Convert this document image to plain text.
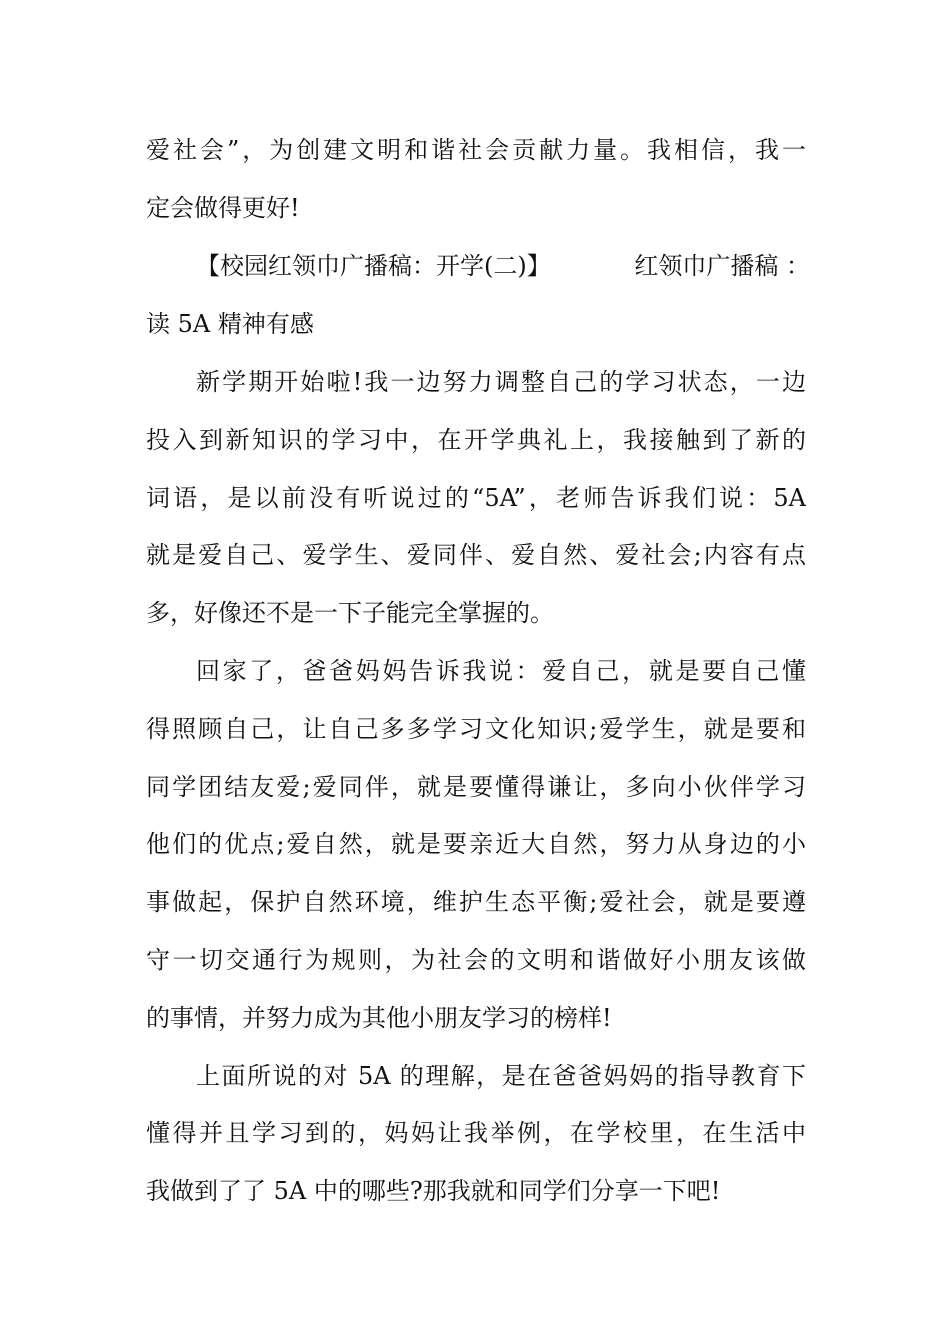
爱社会”，为创建文明和谐社会贡献力量。我相信，我一
定会做得更好!
【校园红领巾广播稿：开学(二)】	红领巾广播稿 ：
读 5A 精神有感
新学期开始啦!我一边努力调整自己的学习状态，一边
投入到新知识的学习中，在开学典礼上，我接触到了新的
词语，是以前没有听说过的“5A”，老师告诉我们说：5A
就是爱自己、爱学生、爱同伴、爱自然、爱社会;内容有点
多，好像还不是一下子能完全掌握的。
回家了，爸爸妈妈告诉我说：爱自己，就是要自己懂
得照顾自己，让自己多多学习文化知识;爱学生，就是要和
同学团结友爱;爱同伴，就是要懂得谦让，多向小伙伴学习
他们的优点;爱自然，就是要亲近大自然，努力从身边的小
事做起，保护自然环境，维护生态平衡;爱社会，就是要遵
守一切交通行为规则，为社会的文明和谐做好小朋友该做
的事情，并努力成为其他小朋友学习的榜样!
上面所说的对 5A 的理解，是在爸爸妈妈的指导教育下
懂得并且学习到的，妈妈让我举例，在学校里，在生活中
我做到了了 5A 中的哪些?那我就和同学们分享一下吧!
